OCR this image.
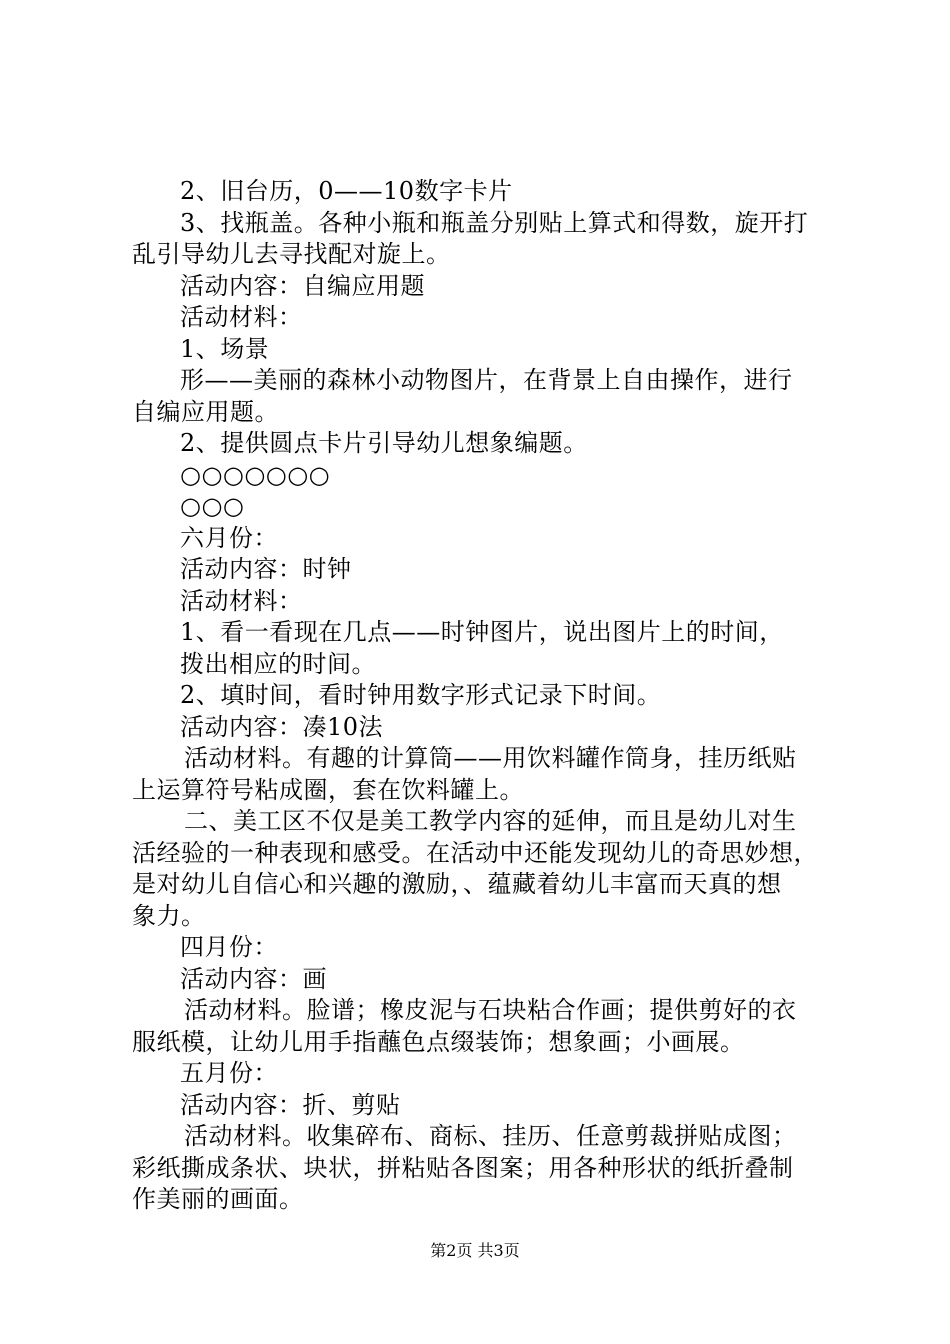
2、旧台历，0——10数字卡片
3、找瓶盖。各种小瓶和瓶盖分别贴上算式和得数，旋开打
乱引导幼儿去寻找配对旋上。
活动内容：自编应用题
活动材料：
1、场景
形——美丽的森林小动物图片，在背景上自由操作，进行
自编应用题。
2、提供圆点卡片引导幼儿想象编题。
○○○○○○○
○○○
六月份：
活动内容：时钟
活动材料：
1、看一看现在几点——时钟图片，说出图片上的时间，
拨出相应的时间。
2、填时间，看时钟用数字形式记录下时间。
活动内容：凑10法
活动材料。有趣的计算筒——用饮料罐作筒身，挂历纸贴
上运算符号粘成圈，套在饮料罐上。
二、美工区不仅是美工教学内容的延伸，而且是幼儿对生
活经验的一种表现和感受。在活动中还能发现幼儿的奇思妙想，
是对幼儿自信心和兴趣的激励，、蕴藏着幼儿丰富而天真的想
象力。
四月份：
活动内容：画
活动材料。脸谱；橡皮泥与石块粘合作画；提供剪好的衣
服纸模，让幼儿用手指蘸色点缀装饰；想象画；小画展。
五月份：
活动内容：折、剪贴
活动材料。收集碎布、商标、挂历、任意剪裁拼贴成图；
彩纸撕成条状、块状，拼粘贴各图案；用各种形状的纸折叠制
作美丽的画面。
第2页 共3页
